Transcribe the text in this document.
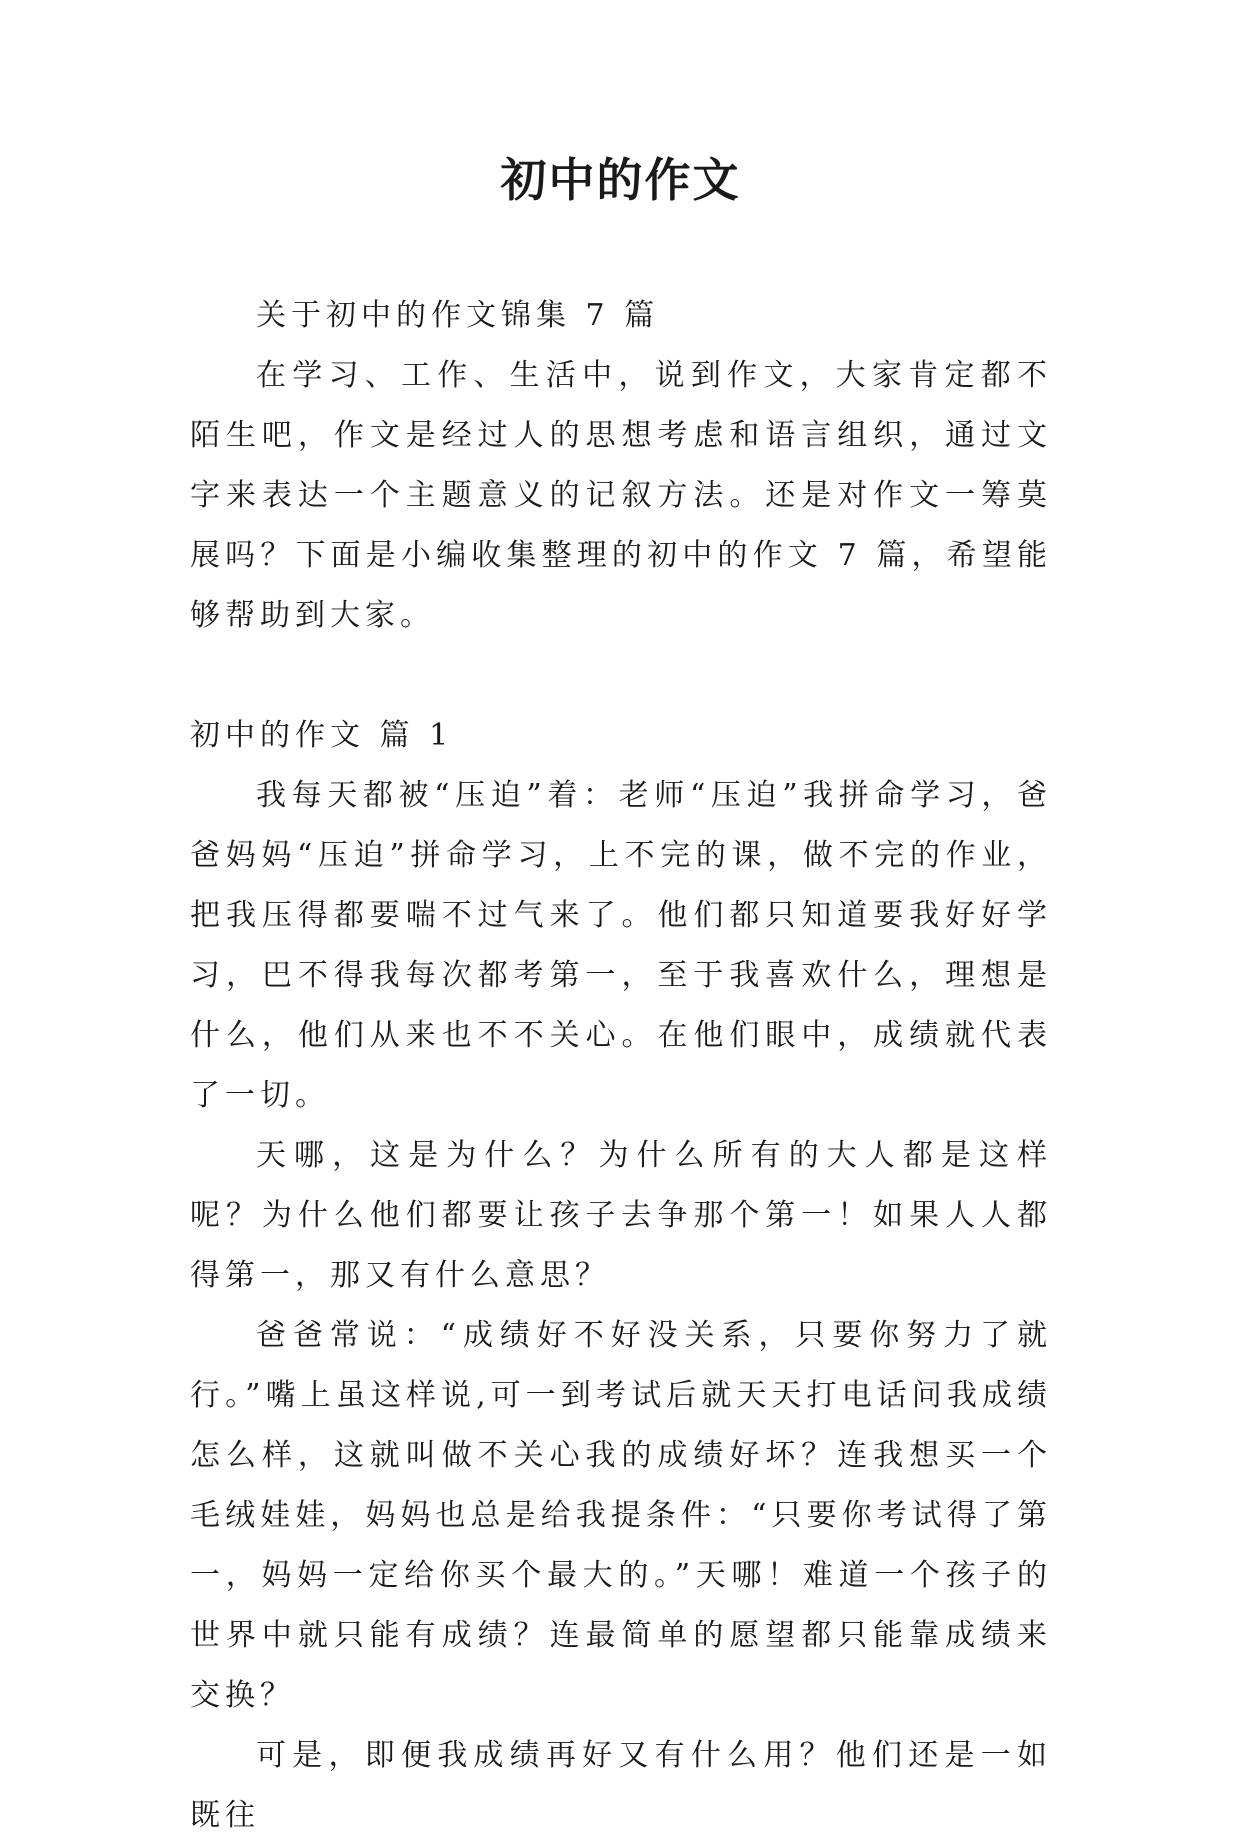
初中的作文

关于初中的作文锦集 7 篇

在学习、工作、生活中，说到作文，大家肯定都不陌生吧，作文是经过人的思想考虑和语言组织，通过文字来表达一个主题意义的记叙方法。还是对作文一筹莫展吗？下面是小编收集整理的初中的作文 7 篇，希望能够帮助到大家。

初中的作文 篇 1

我每天都被“压迫”着：老师“压迫”我拼命学习，爸爸妈妈“压迫”拼命学习，上不完的课，做不完的作业，把我压得都要喘不过气来了。他们都只知道要我好好学习，巴不得我每次都考第一，至于我喜欢什么，理想是什么，他们从来也不不关心。在他们眼中，成绩就代表了一切。

天哪，这是为什么？为什么所有的大人都是这样呢？为什么他们都要让孩子去争那个第一！如果人人都得第一，那又有什么意思？

爸爸常说：“成绩好不好没关系，只要你努力了就行。”嘴上虽这样说,可一到考试后就天天打电话问我成绩怎么样，这就叫做不关心我的成绩好坏？连我想买一个毛绒娃娃，妈妈也总是给我提条件：“只要你考试得了第一，妈妈一定给你买个最大的。”天哪！难道一个孩子的世界中就只能有成绩？连最简单的愿望都只能靠成绩来交换？

可是，即便我成绩再好又有什么用？他们还是一如既往
